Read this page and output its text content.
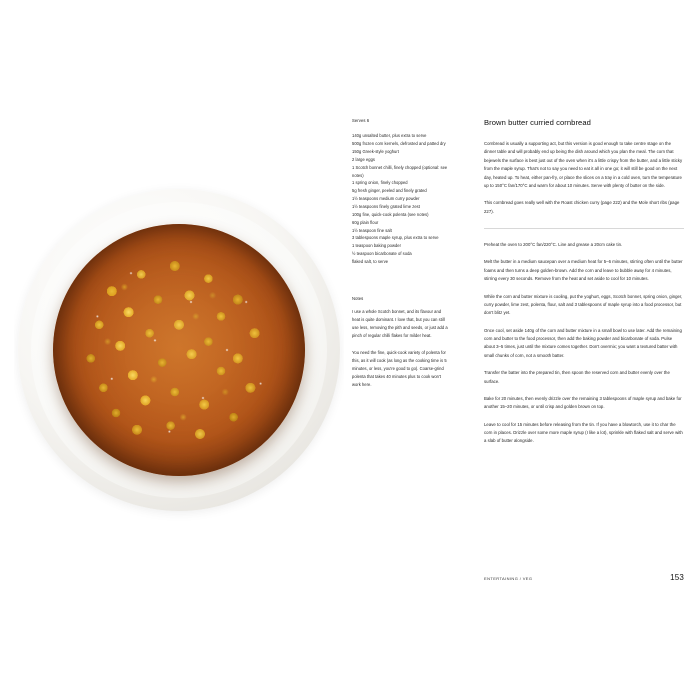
Serves 6
140g unsalted butter, plus extra to serve
500g frozen corn kernels, defrosted and patted dry
150g Greek-style yoghurt
2 large eggs
1 Scotch bonnet chilli, finely chopped (optional: see notes)
1 spring onion, finely chopped
5g fresh ginger, peeled and finely grated
1½ teaspoons medium curry powder
1½ teaspoons finely grated lime zest
100g fine, quick-cook polenta (see notes)
60g plain flour
1½ teaspoon fine salt
3 tablespoons maple syrup, plus extra to serve
1 teaspoon baking powder
½ teaspoon bicarbonate of soda
flaked salt, to serve
Notes

I use a whole Scotch bonnet, and its flavour and heat is quite dominant. I love that, but you can still use less, removing the pith and seeds, or just add a pinch of regular chilli flakes for milder heat.

You need the fine, quick-cook variety of polenta for this, as it will cook (as long as the cooking time is 5 minutes, or less, you're good to go). Coarse-grind polenta that takes 40 minutes plus to cook won't work here.

Brown butter curried cornbread

Cornbread is usually a supporting act, but this version is good enough to take centre stage on the dinner table and will probably end up being the dish around which you plan the meal. The corn that bejewels the surface is best just out of the oven when it's a little crispy from the butter, and a little sticky from the maple syrup. That's not to say you need to eat it all in one go; it will still be good on the next day, heated up. To heat, either pan-fry, or place the slices on a tray in a cold oven, turn the temperature up to 150°C fan/170°C and warm for about 10 minutes. Serve with plenty of butter on the side.

This cornbread goes really well with the Roast chicken curry (page 222) and the Mole short ribs (page 227).

Preheat the oven to 200°C fan/220°C. Line and grease a 20cm cake tin.

Melt the butter in a medium saucepan over a medium heat for 5–6 minutes, stirring often until the butter foams and then turns a deep golden-brown. Add the corn and leave to bubble away for 4 minutes, stirring every 30 seconds. Remove from the heat and set aside to cool for 10 minutes.

While the corn and butter mixture is cooling, put the yoghurt, eggs, Scotch bonnet, spring onion, ginger, curry powder, lime zest, polenta, flour, salt and 3 tablespoons of maple syrup into a food processor, but don't blitz yet.

Once cool, set aside 140g of the corn and butter mixture in a small bowl to use later. Add the remaining corn and butter to the food processor, then add the baking powder and bicarbonate of soda. Pulse about 3–5 times, just until the mixture comes together. Don't overmix; you want a textured batter with small chunks of corn, not a smooth batter.

Transfer the batter into the prepared tin, then spoon the reserved corn and butter evenly over the surface.

Bake for 20 minutes, then evenly drizzle over the remaining 3 tablespoons of maple syrup and bake for another 15–20 minutes, or until crisp and golden brown on top.

Leave to cool for 15 minutes before releasing from the tin. If you have a blowtorch, use it to char the corn in places. Drizzle over some more maple syrup (I like a lot), sprinkle with flaked salt and serve with a slab of butter alongside.

ENTERTAINING / VEG	153
